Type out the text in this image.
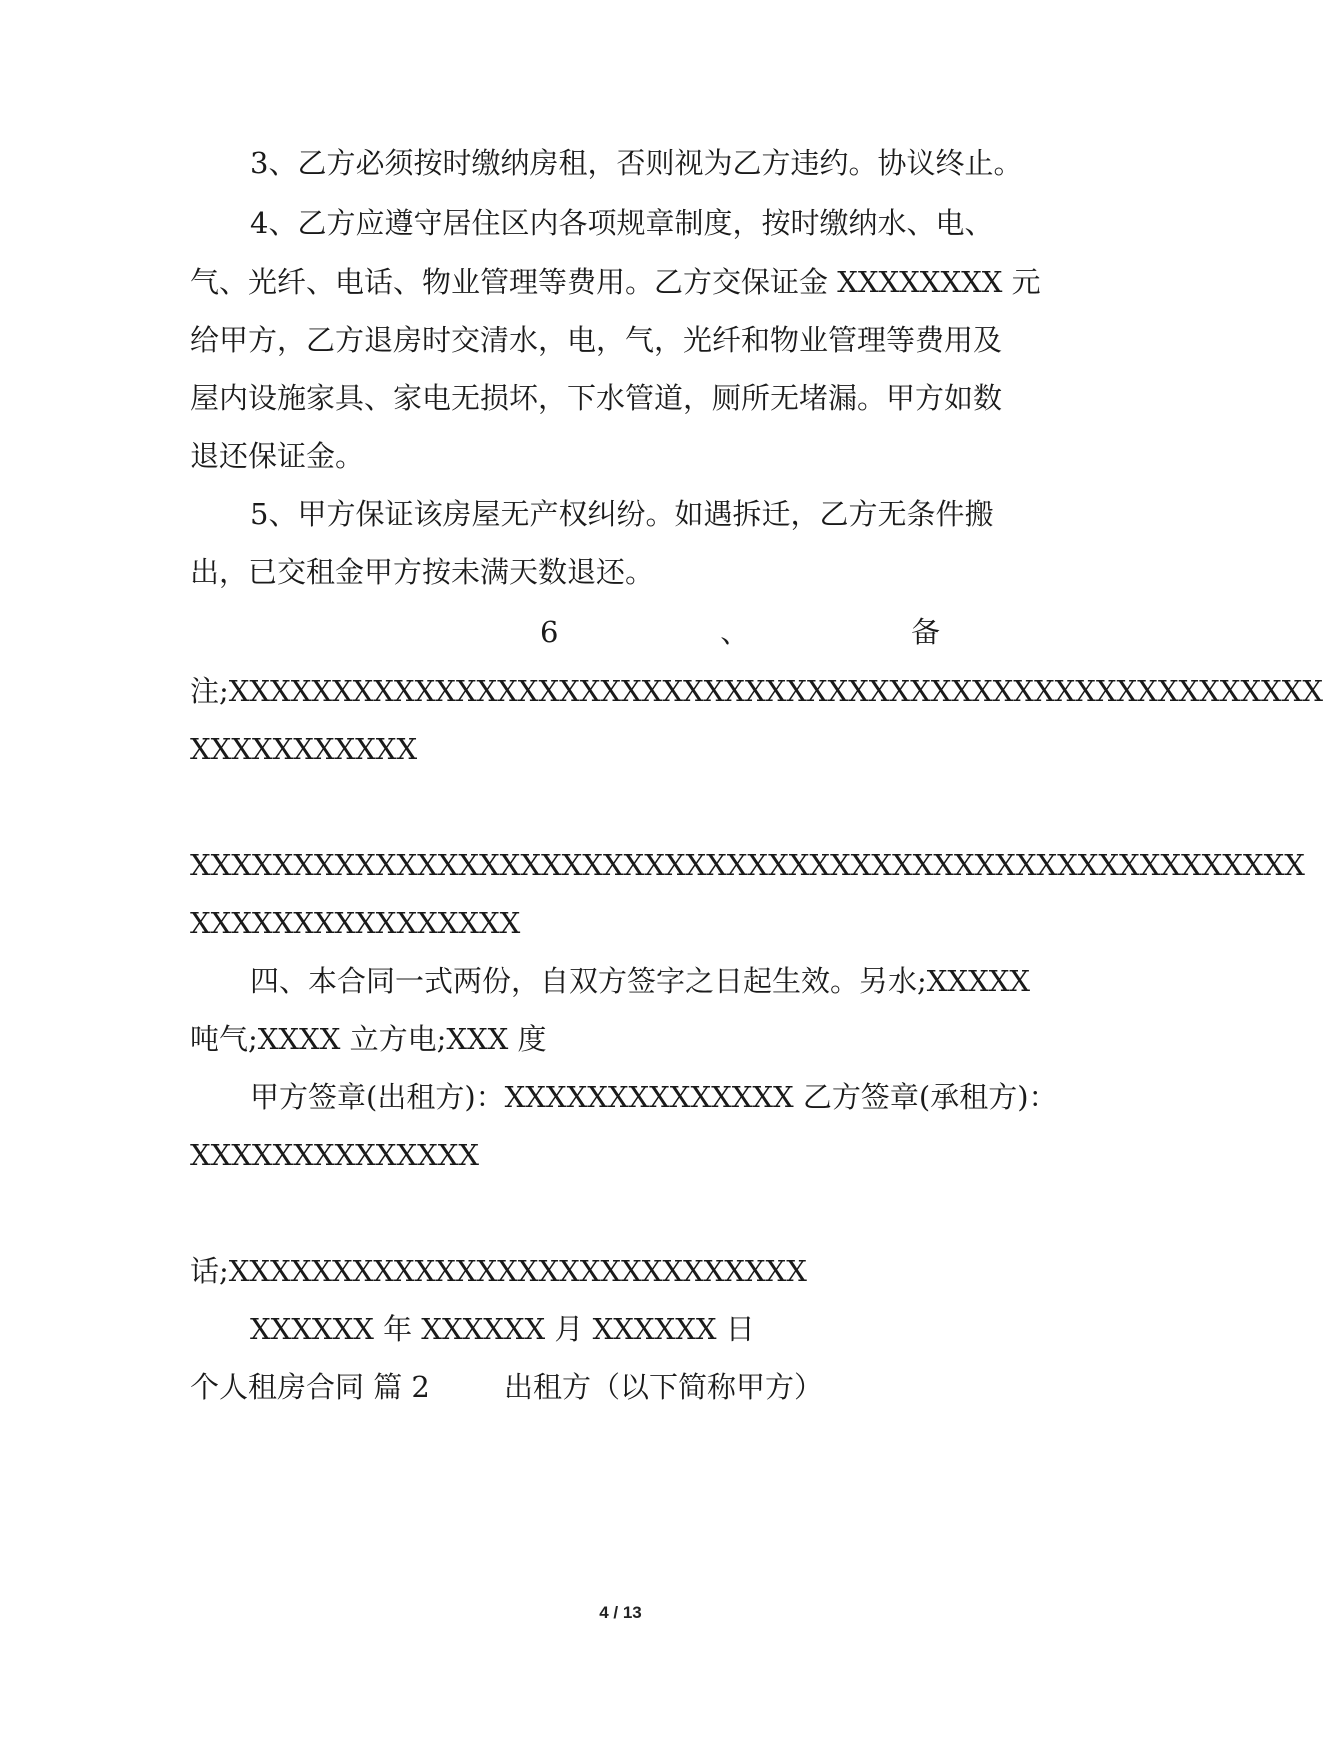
3、乙方必须按时缴纳房租，否则视为乙方违约。协议终止。
4、乙方应遵守居住区内各项规章制度，按时缴纳水、电、
气、光纤、电话、物业管理等费用。乙方交保证金 XXXXXXXX 元
给甲方，乙方退房时交清水，电，气，光纤和物业管理等费用及
屋内设施家具、家电无损坏，下水管道，厕所无堵漏。甲方如数
退还保证金。
5、甲方保证该房屋无产权纠纷。如遇拆迁，乙方无条件搬
出，已交租金甲方按未满天数退还。
6	、	备
注;XXXXXXXXXXXXXXXXXXXXXXXXXXXXXXXXXXXXXXXXXXXXXXXXXXXXX
XXXXXXXXXXX
XXXXXXXXXXXXXXXXXXXXXXXXXXXXXXXXXXXXXXXXXXXXXXXXXXXXXX
XXXXXXXXXXXXXXXX
四、本合同一式两份，自双方签字之日起生效。另水;XXXXX
吨气;XXXX 立方电;XXX 度
甲方签章(出租方)：XXXXXXXXXXXXXX 乙方签章(承租方)：
XXXXXXXXXXXXXX
话;XXXXXXXXXXXXXXXXXXXXXXXXXXXX
XXXXXX 年 XXXXXX 月 XXXXXX 日
个人租房合同 篇 2	出租方（以下简称甲方）
4 / 13
